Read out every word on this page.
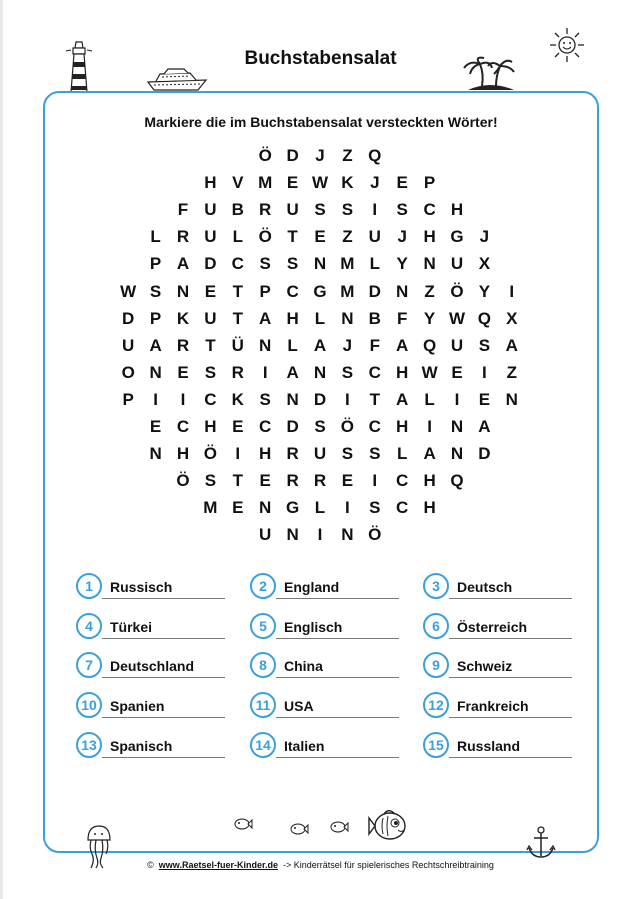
Buchstabensalat
Markiere die im Buchstabensalat versteckten Wörter!
Ö D J	Z Q
H V M E W K J E P
F U B R U S S	I	S C H
L R U L Ö T E Z U J H G J
P A D C S S N M L Y N U X
W S N E T P C G M D N Z Ö Y	I
D P K U T A H L N B F Y W Q X
U A R T Ü N L A J	F A Q U S A
O N E S R	I	A N S C H W E	I	Z
P	I	I	C K S N D	I	T A L	I	E N
E C H E C D S Ö C H	I	N A
N H Ö	I	H R U S S L A N D
Ö S T E R R E	I	C H Q
M E N G L	I	S C H
U N	I	N Ö
1	Russisch	2	England	3	Deutsch
4	Türkei	5	Englisch	6	Österreich
7	Deutschland	8	China	9	Schweiz
10 Spanien	11 USA	12 Frankreich
13 Spanisch	14 Italien	15 Russland
© www.Raetsel-fuer-Kinder.de -> Kinderrätsel für spielerisches Rechtschreibtraining
